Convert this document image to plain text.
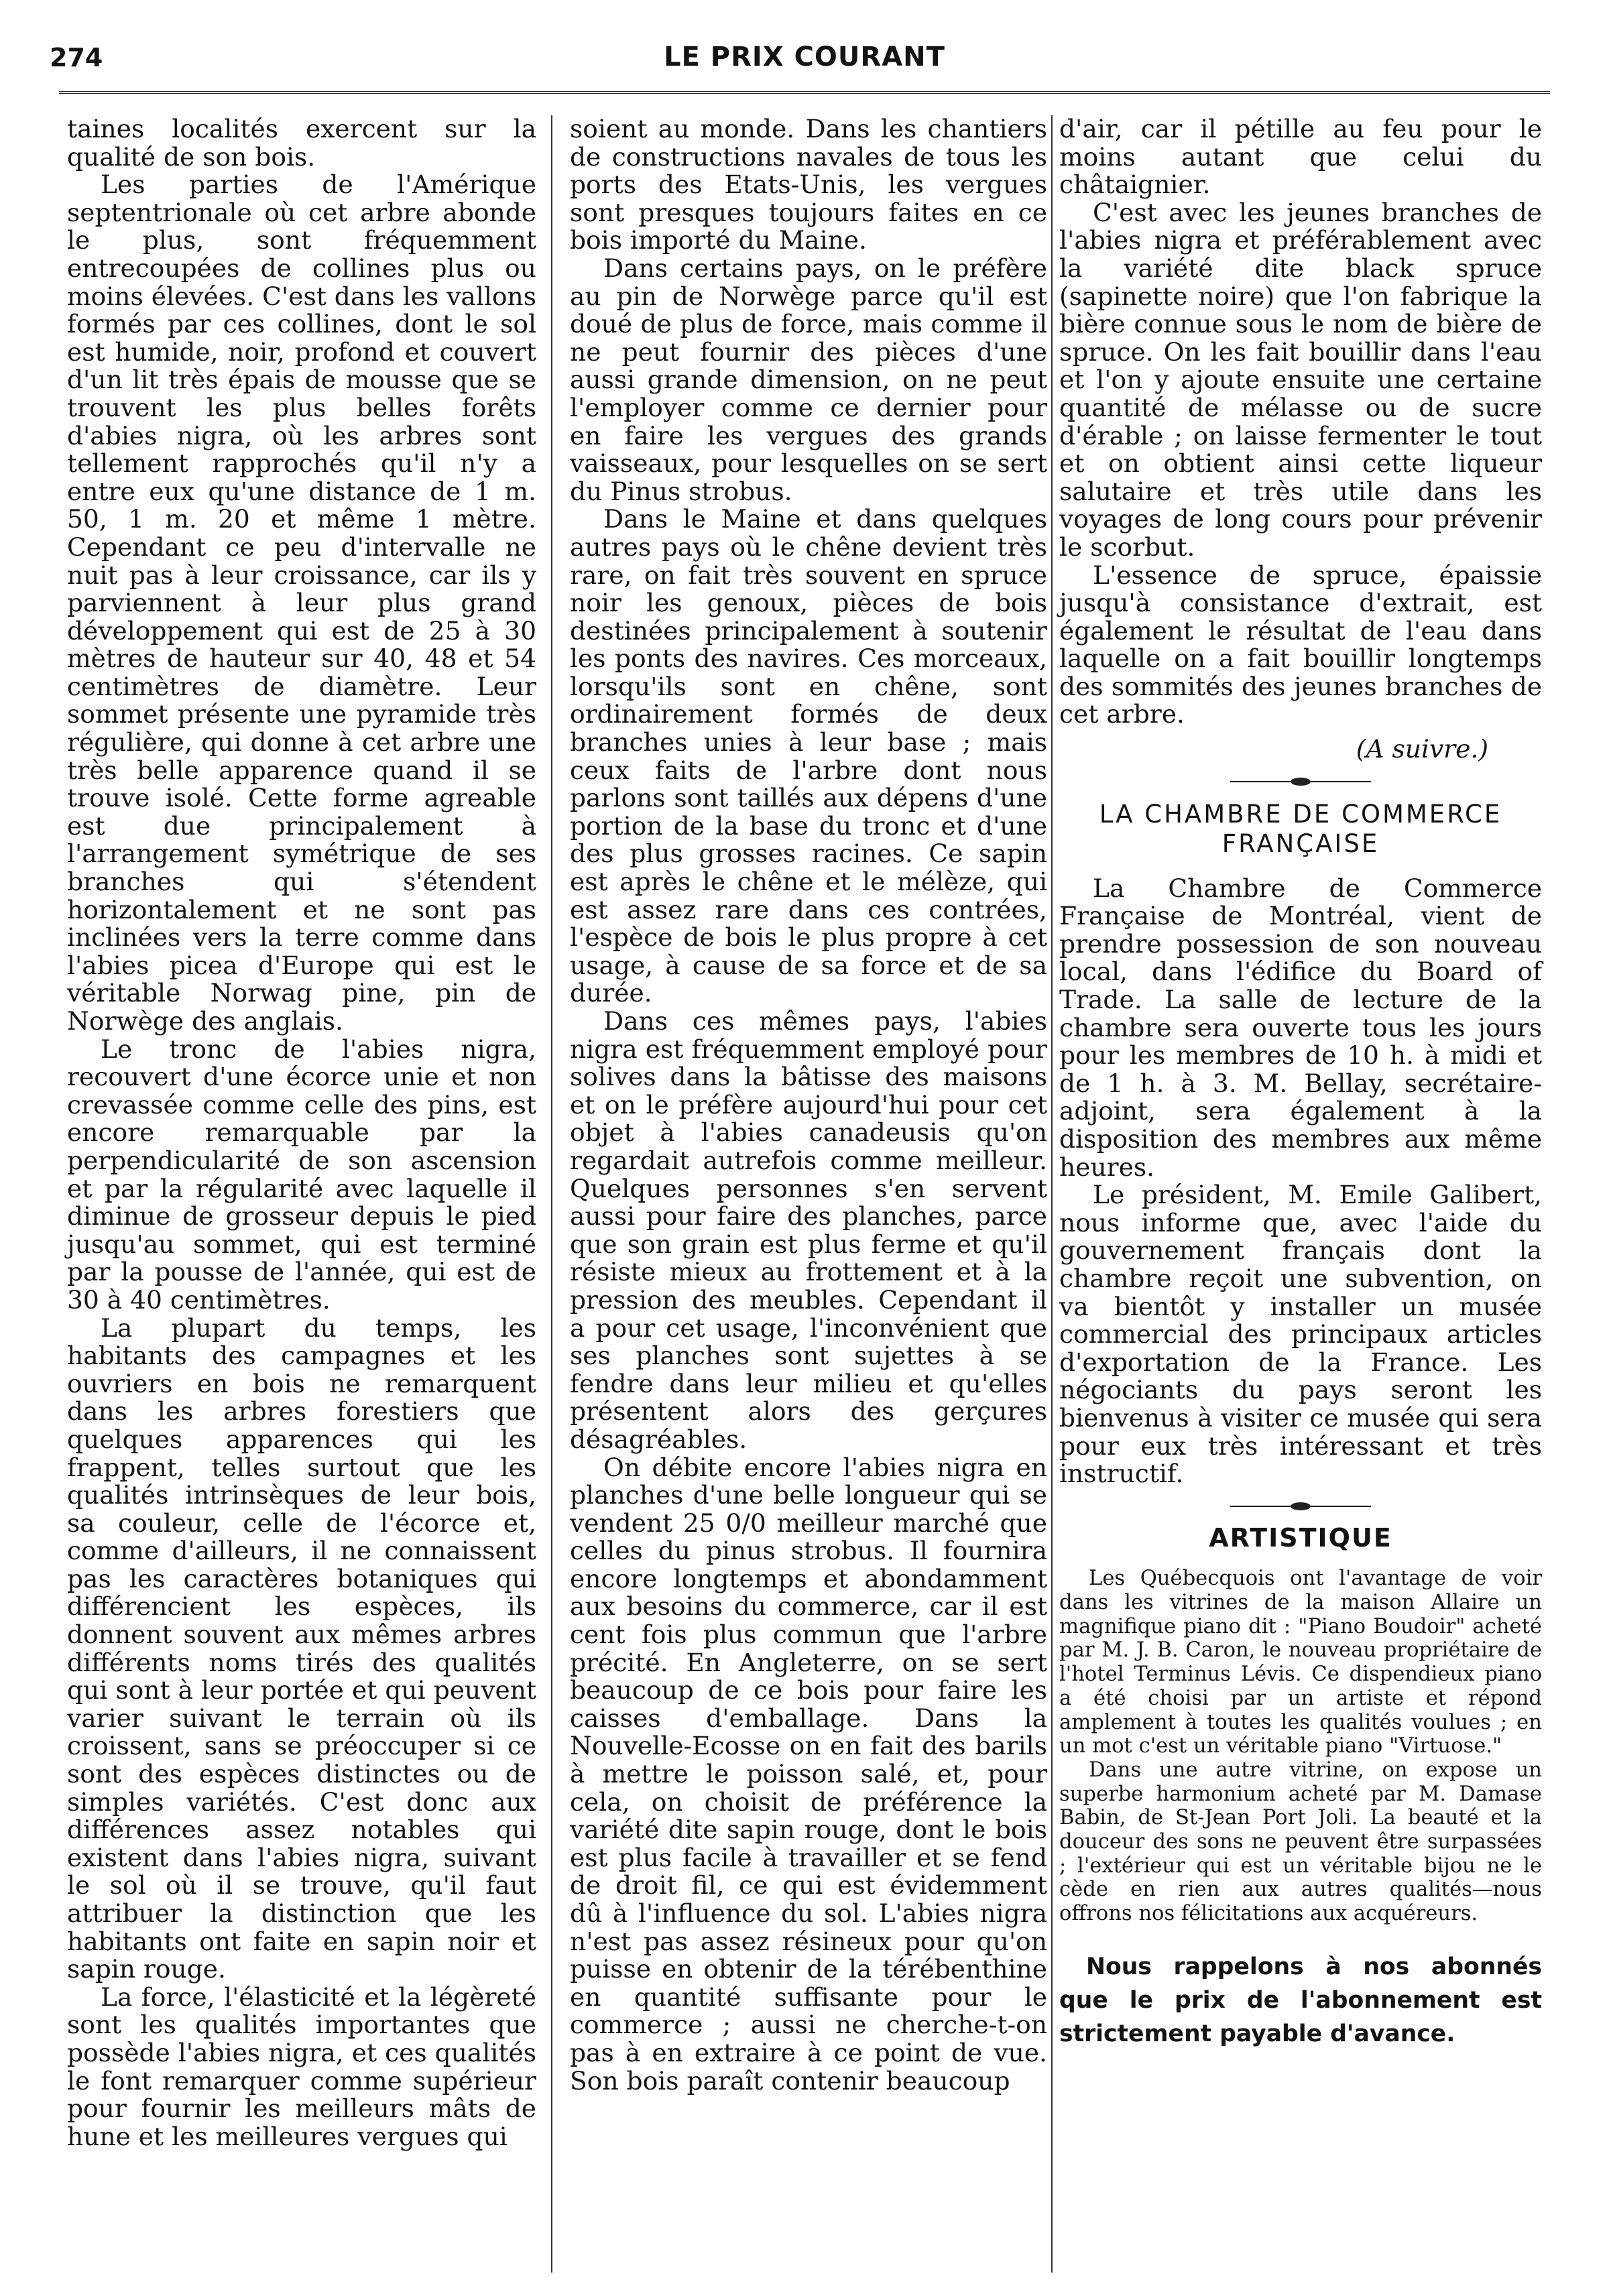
274	LE PRIX COURANT

taines localités exercent sur la qualité de son bois.

Les parties de l'Amérique septentrionale où cet arbre abonde le plus, sont fréquemment entrecoupées de collines plus ou moins élevées. C'est dans les vallons formés par ces collines, dont le sol est humide, noir, profond et couvert d'un lit très épais de mousse que se trouvent les plus belles forêts d'abies nigra, où les arbres sont tellement rapprochés qu'il n'y a entre eux qu'une distance de 1 m. 50, 1 m. 20 et même 1 mètre. Cependant ce peu d'intervalle ne nuit pas à leur croissance, car ils y parviennent à leur plus grand développement qui est de 25 à 30 mètres de hauteur sur 40, 48 et 54 centimètres de diamètre. Leur sommet présente une pyramide très régulière, qui donne à cet arbre une très belle apparence quand il se trouve isolé. Cette forme agreable est due principalement à l'arrangement symétrique de ses branches qui s'étendent horizontalement et ne sont pas inclinées vers la terre comme dans l'abies picea d'Europe qui est le véritable Norwag pine, pin de Norwège des anglais.

Le tronc de l'abies nigra, recouvert d'une écorce unie et non crevassée comme celle des pins, est encore remarquable par la perpendicularité de son ascension et par la régularité avec laquelle il diminue de grosseur depuis le pied jusqu'au sommet, qui est terminé par la pousse de l'année, qui est de 30 à 40 centimètres.

La plupart du temps, les habitants des campagnes et les ouvriers en bois ne remarquent dans les arbres forestiers que quelques apparences qui les frappent, telles surtout que les qualités intrinsèques de leur bois, sa couleur, celle de l'écorce et, comme d'ailleurs, il ne connaissent pas les caractères botaniques qui différencient les espèces, ils donnent souvent aux mêmes arbres différents noms tirés des qualités qui sont à leur portée et qui peuvent varier suivant le terrain où ils croissent, sans se préoccuper si ce sont des espèces distinctes ou de simples variétés. C'est donc aux différences assez notables qui existent dans l'abies nigra, suivant le sol où il se trouve, qu'il faut attribuer la distinction que les habitants ont faite en sapin noir et sapin rouge.

La force, l'élasticité et la légèreté sont les qualités importantes que possède l'abies nigra, et ces qualités le font remarquer comme supérieur pour fournir les meilleurs mâts de hune et les meilleures vergues qui

soient au monde. Dans les chantiers de constructions navales de tous les ports des Etats-Unis, les vergues sont presques toujours faites en ce bois importé du Maine.

Dans certains pays, on le préfère au pin de Norwège parce qu'il est doué de plus de force, mais comme il ne peut fournir des pièces d'une aussi grande dimension, on ne peut l'employer comme ce dernier pour en faire les vergues des grands vaisseaux, pour lesquelles on se sert du Pinus strobus.

Dans le Maine et dans quelques autres pays où le chêne devient très rare, on fait très souvent en spruce noir les genoux, pièces de bois destinées principalement à soutenir les ponts des navires. Ces morceaux, lorsqu'ils sont en chêne, sont ordinairement formés de deux branches unies à leur base ; mais ceux faits de l'arbre dont nous parlons sont taillés aux dépens d'une portion de la base du tronc et d'une des plus grosses racines. Ce sapin est après le chêne et le mélèze, qui est assez rare dans ces contrées, l'espèce de bois le plus propre à cet usage, à cause de sa force et de sa durée.

Dans ces mêmes pays, l'abies nigra est fréquemment employé pour solives dans la bâtisse des maisons et on le préfère aujourd'hui pour cet objet à l'abies canadeusis qu'on regardait autrefois comme meilleur. Quelques personnes s'en servent aussi pour faire des planches, parce que son grain est plus ferme et qu'il résiste mieux au frottement et à la pression des meubles. Cependant il a pour cet usage, l'inconvénient que ses planches sont sujettes à se fendre dans leur milieu et qu'elles présentent alors des gerçures désagréables.

On débite encore l'abies nigra en planches d'une belle longueur qui se vendent 25 0/0 meilleur marché que celles du pinus strobus. Il fournira encore longtemps et abondamment aux besoins du commerce, car il est cent fois plus commun que l'arbre précité. En Angleterre, on se sert beaucoup de ce bois pour faire les caisses d'emballage. Dans la Nouvelle-Ecosse on en fait des barils à mettre le poisson salé, et, pour cela, on choisit de préférence la variété dite sapin rouge, dont le bois est plus facile à travailler et se fend de droit fil, ce qui est évidemment dû à l'influence du sol. L'abies nigra n'est pas assez résineux pour qu'on puisse en obtenir de la térébenthine en quantité suffisante pour le commerce ; aussi ne cherche-t-on pas à en extraire à ce point de vue. Son bois paraît contenir beaucoup

d'air, car il pétille au feu pour le moins autant que celui du châtaignier.

C'est avec les jeunes branches de l'abies nigra et préférablement avec la variété dite black spruce (sapinette noire) que l'on fabrique la bière connue sous le nom de bière de spruce. On les fait bouillir dans l'eau et l'on y ajoute ensuite une certaine quantité de mélasse ou de sucre d'érable ; on laisse fermenter le tout et on obtient ainsi cette liqueur salutaire et très utile dans les voyages de long cours pour prévenir le scorbut.

L'essence de spruce, épaissie jusqu'à consistance d'extrait, est également le résultat de l'eau dans laquelle on a fait bouillir longtemps des sommités des jeunes branches de cet arbre.

(A suivre.)
LA CHAMBRE DE COMMERCE
FRANÇAISE

La Chambre de Commerce Française de Montréal, vient de prendre possession de son nouveau local, dans l'édifice du Board of Trade. La salle de lecture de la chambre sera ouverte tous les jours pour les membres de 10 h. à midi et de 1 h. à 3. M. Bellay, secrétaire-adjoint, sera également à la disposition des membres aux même heures.

Le président, M. Emile Galibert, nous informe que, avec l'aide du gouvernement français dont la chambre reçoit une subvention, on va bientôt y installer un musée commercial des principaux articles d'exportation de la France. Les négociants du pays seront les bienvenus à visiter ce musée qui sera pour eux très intéressant et très instructif.

ARTISTIQUE

Les Québecquois ont l'avantage de voir dans les vitrines de la maison Allaire un magnifique piano dit : "Piano Boudoir" acheté par M. J. B. Caron, le nouveau propriétaire de l'hotel Terminus Lévis. Ce dispendieux piano a été choisi par un artiste et répond amplement à toutes les qualités voulues ; en un mot c'est un véritable piano "Virtuose."

Dans une autre vitrine, on expose un superbe harmonium acheté par M. Damase Babin, de St-Jean Port Joli. La beauté et la douceur des sons ne peuvent être surpassées ; l'extérieur qui est un véritable bijou ne le cède en rien aux autres qualités—nous offrons nos félicitations aux acquéreurs.

Nous rappelons à nos abonnés que le prix de l'abonnement est strictement payable d'avance.
